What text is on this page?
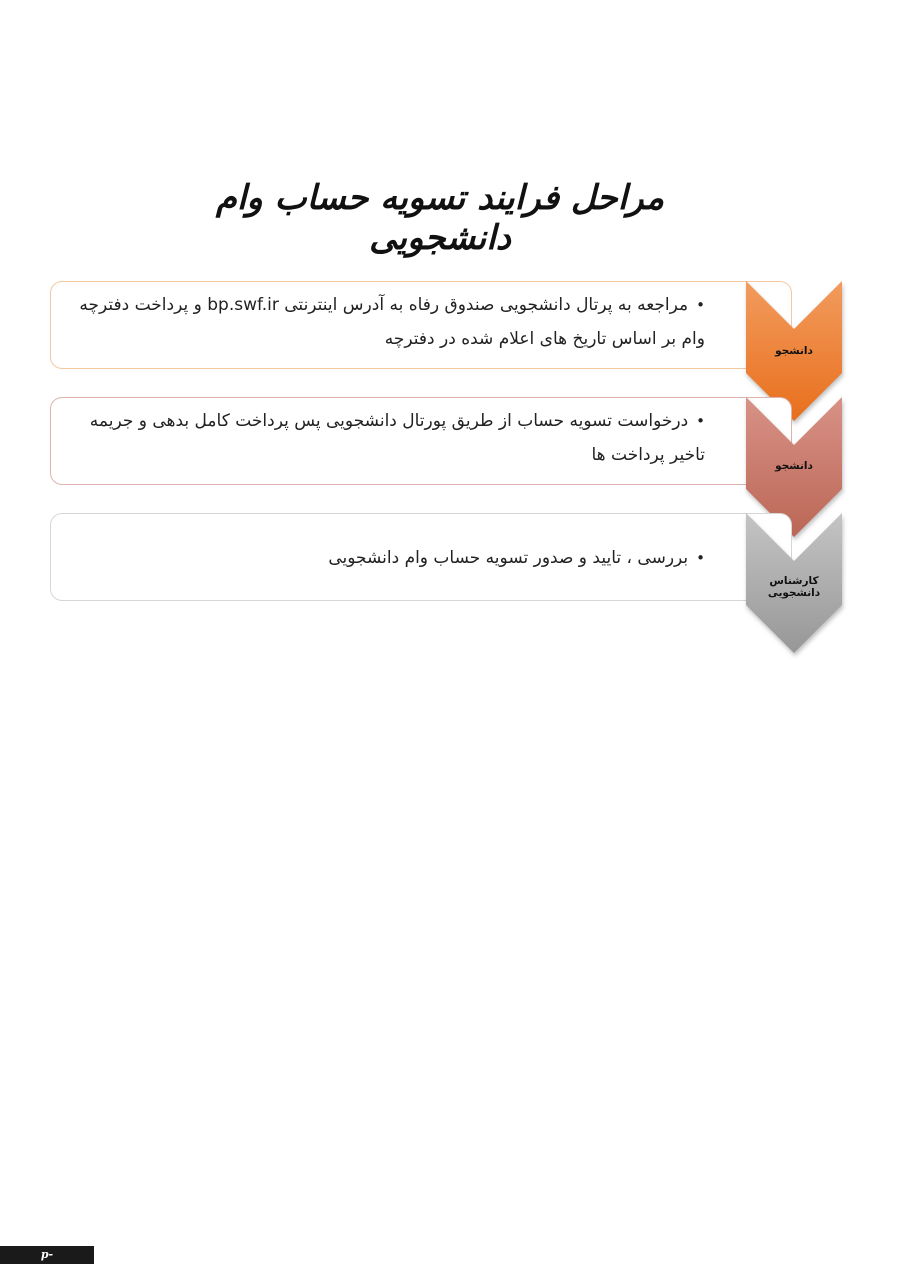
مراحل فرایند تسویه حساب وام دانشجویی

•مراجعه به پرتال دانشجویی صندوق رفاه به آدرس اینترنتی bp.swf.ir و پرداخت دفترچه
وام بر اساس تاریخ های اعلام شده در دفترچه

دانشجو

•درخواست تسویه حساب از طریق پورتال دانشجویی پس پرداخت کامل بدهی و جریمه
تاخیر پرداخت ها

دانشجو

•بررسی ، تایید و صدور تسویه حساب وام دانشجویی

کارشناس دانشجویی
p-ahar.tvu.ac.ir
